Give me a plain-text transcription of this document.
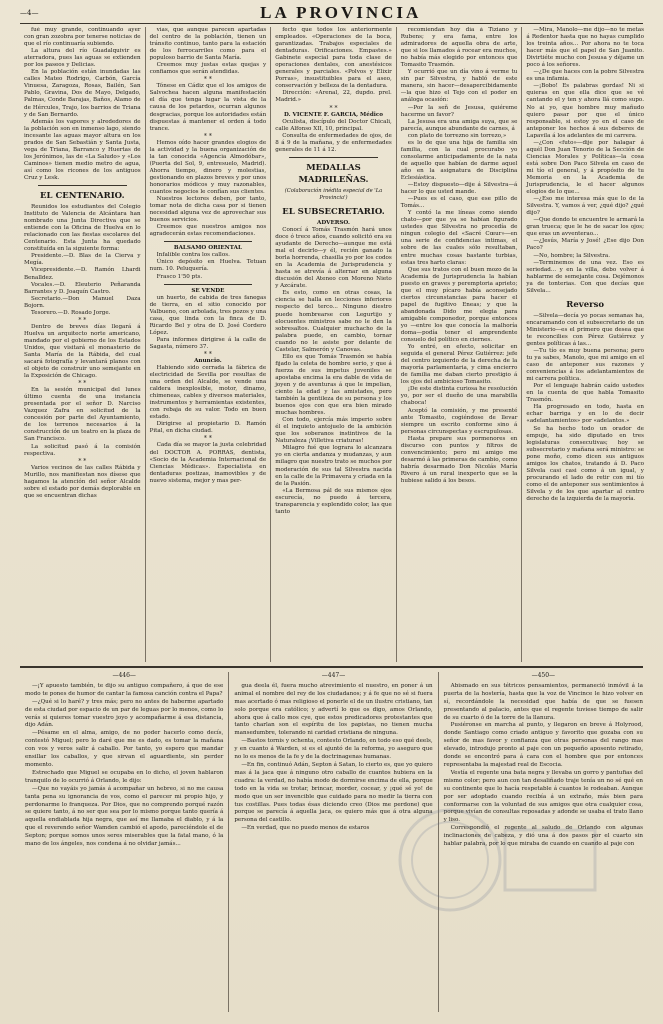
—4—	LA PROVINCIA

fué muy grande, continuando ayer con gran zozobra por tenerse noticias de que el río continuaría subiendo.

La altura del río Guadalquivir es aterradora, pues las aguas se extienden por los paseos y Delicias.

En la población están inundadas las calles Mateo Rodrigo, Carbón, García Vinuesa, Zaragoza, Rosas, Bailén, San Pablo, Gravina, Dos de Mayo, Delgado, Palmas, Conde Barajas, Baños, Alamo de de Hércules, Trajo, los barrios de Triana y de San Bernardo.

Además los vapores y alrededores de la población son en inmenso lago, siendo incesante las aguas mayor altura en los prados de San Sebastián y Santa Justa, vega de Triana, Barranco y Huertas de los Jerónimos, las de «La Saludo» y «Los Caminos» tienen medio metro de agua, así como los ricones de los antiguos Cruz y Lesk.

EL CENTENARIO.

Reunidos los estudiantes del Colegio Instituto de Valencia de Alcántara han nombrado una Junta Directiva que se entiende con la Oficina de Huelva en lo relacionado con las fiestas escolares del Centenario. Esta Junta ha quedado constituída en la siguiente forma:

Presidente.—D. Blas de la Cierva y Megía.

Vicepresidente.—D. Ramón Lhardi Benalldez.

Vocales.—D. Eleuterio Peñaranda Barrantes y D. Joaquín Castro.

Secretario.—Don Manuel Daza Bojorn.

Tesorero.—D. Rosado Jorge.

* *

Dentro de breves días llegará á Huelva un arquitecto norte americano, mandado por el gobierno de los Estados Unidos, que visitará el monasterio de Santa María de la Rábida, del cual sacará fotografía y levantará planos con el objeto de construir uno semejante en la Exposición de Chicago.

* *

En la sesión municipal del lunes último cuenta de una instancia presentada por el señor D. Narciso Vazquez Zafra en solicitud de la concesión por parte del Ayuntamiento, de los terrenos necesarios á la construcción de un teatro en la plaza de San Francisco.

La solicitud pasó á la comisión respectiva.

* *

Varios vecinos de las calles Rábida y Murillo, nos manifiestan nos dísese que hagamos la atención del señor Alcalde sobre el estado por demás deplorable en que se encuentran dichas

vías, que aunque parecen apartadas del centro de la población, tienen un tránsito continuo, tanto para la estación de los ferrocarriles como para el populoso barrio de Santa María.

Creemos muy justas estas quejas y confiamos que serán atendidas.

* *

Tónese en Cádiz que el los amigos de Salvochea hacen alguna manifestación el día que tenga lugar la vista de la causa de los petardos, ocurran algunos desgracias, porque los autoridades están dispuestas á mantener el orden á todo trance.

* *

Hemos oído hacer grandes elogios de la actividad y la buena organización de la tan conocida «Agencia Almodóbar», (Puerta del Sol, 9, entresuelo, Madrid). Ahorra tiempo, dinero y molestias, gestionando en plazos breves y por unos honorarios módicos y muy razonables, cuantos negocios le confían sus clientes.

Nuestros lectores deben, por tanto, tomar nota de dicha casa por si tienen necesidad alguna vez de aprovechar sus buenos servicios.

Creemos que nuestros amigos nos agradecerán estas recomendaciones.

BALSAMO ORIENTAL

Infalible contra los callos.

Único depósito en Huelva. Tetuan num. 10. Peluquería.

Frasco 1'50 pts.

SE VENDE

un huerto, de cabida de tres fanegas de tierra, en el sitio conocido por Valbueno, con arbolada, tres pozos y una casa, que linda con la finca de D. Ricardo Bel y otra de D. José Cordero López.

Para informes dirigirse á la calle de Sagasta, número 37.

* *

Anuncio.

Habiendo sido cerrada la fábrica de electricidad de Sevilla por resultas de una orden del Alcalde, se vende una caldera inexplosible, motor, dinamo, chimeneas, cables y diversos materiales, instrumentos y herramientas existentes, con rebaja de su valor. Todo en buen estado.

Dirigirse al propietario D. Ramón Pital, en dicha ciudad.

* *

Cada día se mayor la justa celebridad del DOCTOR A. PORRAS, dentista, «Socio de la Academia Internacional de Ciencias Médicas». Especialista en dentaduras postizas, inamovibles y de nuevo sistema, mejor y mas per-

fecto que todos los anteriormente empleados. «Operaciones de la boca, garantizadas. Trabajos especiales de dentaduras. Orificaciones. Empastes.» Gabinete especial para toda clase de operaciones dentales, con anestésicos generales y parciales. «Polvos y Elixir Porras», insustituibles para el aseo, conservación y belleza de la dentadura.

Dirección: «Arenal, 22, dupdo. prel. Madrid.»

* *

D. VICENTE F. GARCIA, Médico

Oculista, discípulo del Doctor Chicali, calle Alfonso XII, 10, principal.

Consulta de enfermedades de ojos, de 8 á 9 de la mañana, y de enfermedades generales de 11 á 12.

MEDALLAS MADRILEÑAS.

(Colaboración inédita especial de 'La Provincia')

EL SUBSECRETARIO.

ADVERSO.

Conocí á Tomás Trasmón hará unos doce ó trece años, cuando solicitó era su ayudante de Derecho—aunque me está mal el decirlo—y él, recién ganado la borla horrenda, chasilla yo por los codos en la Academia de Jurisprudencia y hasta se atrevía á alternar en alguna discusión del Ateneo con Moreno Nieto y Azcárate.

Es esto, como en otras cosas, la ciencia se halla en lecciones inferiores respecto del terco... Ninguno diestro puede hombrearse con Legurtijo y elocuentes ministros sabe no le den la sobresaltos. Cualquier muchacho de la palabra puede, en cambio, tornar cuando no le asiste por delante de Castelar, Salmerón y Canovas.

Ello es que Tomás Trasmón se había fijado la celeta de hombre serio, y que á fuerza de sus impetus juveniles se apostaba encima la era dable de vida de joyen y de aventuras á que le impelian, ciento la edad y las amistades, pero también la gentileza de su persona y los buenos ojos con que era bien mirado muchas hombres.

Con todo, ejercía más imperio sobre él el inquieto antojuelo de la ambición que los soberanos instintivos de la Naturaleza ¡Villetiva criaturas!

Milagro fué que lograra lo alcanzara yo en cierta andanza y mudanzas, y aun milagro que nuestro trato se muchos por moderación de sus tal Silvestra nacida en la calle de la Primavera y criada en la de la Pasión.

«La Bermosa pál de sus mismos ojos escurecía, no puedo á tercera, transparencia y esplendido color, las que tanto

recomiendan hoy día á Tiziano y Rubens; y era fama, entre los admiradores de aquella obra de arte, que si los llamados á rocear era muchos, no había más elegido por entonces que Tomasito Trasmón.

Y ocurrió que un día vino á verme tu sin par Silvestra, y habló de este manera, sin hacer—desapercibidamente—la que hizo el Tejo con el poder en análoga ocasión:

—Por la señ de Jesusa, quiéreme hacerme un favor?

La Jesusa era una amiga suya, que se parecía, aunque abundante de carnes, á

con plato de torrezno sin torrezo,»

es lo de que una hija de familia sin familia, con la cual procurabo yo consolarme anticipadamente de la nata de aquello que habían de darme aquel año en la asignatura de Disciplina Eclesiástica.

—Estoy dispuesto—dije á Silvestra—á hacer lo que usted mande.

—Pues es el caso, que ese pillo de Tomás...

Y contó la me líneas como siendo chato—por que ya se habían figurado ustedes que Silvestra no procedía de ningun colegio del «Sacré Cœur»—en una serie de confidencias intimas, el sobre de las cuales sólo resultaban, entre muchas cosas bastante turbias, estas tres harto claras:

Que sus tratos con el buen mozo de la Academia de Jurisprudencia la habían puesto en graves y peremptoria aprieto; que el muy pícaro había aconsejado ciertos circunstancias para hacer el papel de fugitivo Eneas; y que la abandonada Dido me elegia para amigable componedor, porque entonces yo —entre los que conocía la malhoría doma—podía tener el amprendente consuelo del político en ciernes.

Yo entré, en efecto, solicitar en seguida el general Pérez Gutiérrez: jefe del centro izquierdo de la derecha de la mayoría parlamentaria, y cima encierro de familia me daban cierto prestigio á los ojos del ambicioso Tomasito.

¡De este distinta curiosa he resolución yo, por ser el dueño de una marabilla chaboca!

Aceptó la comisión, y me presenté ante Tomasito, cogiéndose de llevar siempre un escrito conforme sino á personas circunspectas y escrupulosas.

Hasta prepare sus pormenores en discurso con puntos y filtros de convencimiento; pero mi amigo me desarmó á las primeras de cambio, como habría desarmado Don Nicolás María Rivero á un rural inexperto que se la hubiese salido á los besos.

—Mira, Manolo—me dijo—no te metas á Redentor hasta que no hayas cumplido los treinta años... Por ahora no te toca hacer más que el papel de San Juanito. Divirtiéte mucho con Jesusa y déjame un poco á los señores.

—¿De que haces con la pobre Silvestra es una infamia.

—¡Bobo! Es palabras gordas! Ni si quieras en que ella dice que se vé cantando el y ten y ahora llá como supo. No ai yo, que hombre muy mañudo quiero pasar por que el único responsable, si estoy yo en el caso de anteponer los hechos á sus deberes de Lapavila á los adelantes de mi carrera.

—¿Con «futo»—dije por halagar á aquél Don Juan Tenorio de la Sección de Ciencias Morales y Políticas—la cosa está sobre Don Paco Silvela en caso de mi tío el general, y á propósito de tu Memoria en la Academia de Jurisprudencia, le el hacer algunos elogios de lo que...

—¿Eso me interesa más que lo de la Silvestra. Y, vamos á ver, ¿qué dijo? ¿qué dijo?

—Que dondo te encuentre le armará la gran trueca; que le he de sacar los ojos; que eras un avventerao...

—¿Jesús, María y José! ¿Ese dijo Don Paco?

—No, hombre; la Silvestra.

—Terminemos de una vez. Eso es seriedad... y en la villa, debo volver á hablarme de semejante cosa. Dejémonos ya de tonterias. Con que decías que Silvela...

Reverso

—Silvela—decía yo pocas semanas ha, encaramando con el subsecretario de un Ministerio—es el primero que desea que te reconcilies con Pérez Gutiérrez y gentes políticas á las...

—Tu tío es muy buena persona; pero tu ya sabes, Manolo, que mi amigo en el caso de anteponer sus razones y conveniencias á los adelantamientos de mi carrera política.

Por el lenguaje habrán caído ustedes en la cuenta de que habla Tomasito Trasmón.

Ha progresado en todo, hasta en echar barriga y en lo de decir «adelantamientos» por «adelantos.»

Se ha hecho todo un orador de empuje, ha sido diputado en tres legislaturas consecutivas; hoy se subsecretario y mañana será ministro: se pone moño, como dicen sus antiguos amigos los chatos, tratando á D. Paco Silvela casi casi como á un igual, y procurando el lado de retir con mi tío como el de anteponer sus sentimientos á Silvela y de los que apartar al centro derecho de la izquierda de la mayoría.

—446—

—¡Y apuesto también, te dijo su antiguo compañero, á que de ese modo te pones de humor de cantar la famosa canción contra el Papa?

—¿Qué si lo haré? y tres más; pero no antes de haberme apartado de esta ciudad por espacio de un par de leguas por lo menos, como lo verás si quieres tomar vuestro joyo y acompañarme á esa distancia, dijo Adán.

—Pésame en el alma, amigo, de no poder hacerlo como decís, contestó Miguel; pero lo daré que me es dado, es tomar la mañana con vos y veros salir á caballo. Por tanto, yo espero que mandar ensillar los caballos, y que sirvan el aguardiente, sin perder momento.

Estrechado que Miguel se ocupaba en lo dicho, el joven hablaron tranquilo de lo ocurrió á Orlando, le dijo:

—Que no vayáis yo jamás á acompañar un hebreo, si no me causa tanta pena su ignorancia de vos, como el parecer mi propio hijo, y perdonarme lo franqueza. Por Dios, que no comprendo porqué razón se quiere tanto, á no ser que sea por lo mismo porque tanto quería á aquella endiablada hija negra, que así me llamaba el diablo, y á la que el reverendo señor Wamden cambió el apodo, pareciéndole el de Septon; porque somos unos seres miserables que la fatal mano, ó la mano de los ángeles, nos condena á no olvidar jamás...

—447—

gua deela él, fuera mucho atrevimiento el nuestro, en poner á un animal el nombre del rey de los ciudadanos; y á fe que no sé si fuera mas acertado ó mas religioso el ponerle el de un ilustre cristiano, tan solo porque era católico; y advertí lo que os digo, amos Orlando, ahora que á callo mos cye, que estos predicadores protestantes que tanto charlan son el espíritu de los papistas, no tienen mucha mansedumbre, tolerando ni caridad cristiana de ninguna.

—Bastos tornis y ochenta, contesto Orlando, en todo eso qué deels, y en cuanto á Warden, si es el ajuntó de la reforma, yo aseguro que no lo es menos de la fe y de la doctrinagenas humanas.

—En fin, continuó Adán, Septon á Satan, lo cierto es, que yo quiero mas á la jaca que á ninguno otro caballo de cuantos hubiera en la cuadra: la verdad, no había modo de dormirse encima de ella, porque todo en la vida se trotar, brincar, morder, cocear, y ¡qué sé yo! de modo que un ser invencible que cuidado para no medir la tierra con tus costillas. Pues todas ésas diciendo creo (Dios me perdone) que porque se parecía á aquella jaca, os quiero más que á otra alguna persona del castillo.

—En verdad, que no puedo menos de estaros

—450—

Abismado en sus tétricos pensamientos, permaneció inmóvil á la puerta de la hostería, hasta que la voz de Vincince le hizo volver en sí, recordándole la necesidad que había de que se fuesen presentando al palacio, antes que el regente tuviese tiempo de salir de su cuarto ó de la torre de la llanura.

Pusiéronse en marcha al punto, y llegaron en breve á Holyrood, donde Santiago como criado antiguo y favorito que gozaba con su señor de mas favor y confianza que otras personas del rango mas elevado, introdujo pronto al paje con un pequeño aposento retirado, donde se encontró para á cara con el hombre que por entonces representaba la majestad real de Escocia.

Vestía el regente una bata negra y llevaba un gorro y pantufias del mismo color; pero aun con tan desaliñado traje tenía un no sé qué en su continente que lo hacía respetable á cuantos le rodeaban. Aunque por ser adoptado cuando recibía á un extraño, más bien para conformarse con la voluntad de sus amigos que otra cualquier cosa, porque vivían de consultas reposadas y adonde se usaba el trato llano y liso.

Correspondió el regente al saludo de Orlando con algunas inclinaciones de cabeza, y dió una á dos pasos por el cuarto sin hablar palabra, por lo que miraba de cuando en cuando al paje con
